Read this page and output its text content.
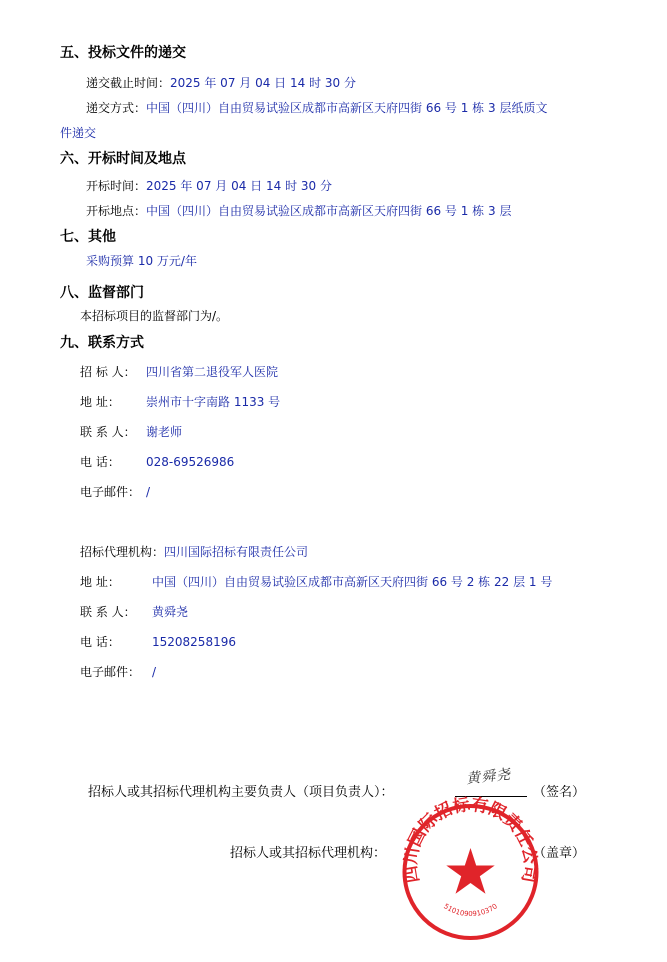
五、投标文件的递交
递交截止时间：2025 年 07 月 04 日 14 时 30 分
递交方式：中国（四川）自由贸易试验区成都市高新区天府四街 66 号 1 栋 3 层纸质文
件递交
六、开标时间及地点
开标时间：2025 年 07 月 04 日 14 时 30 分
开标地点：中国（四川）自由贸易试验区成都市高新区天府四街 66 号 1 栋 3 层
七、其他
采购预算 10 万元/年
八、监督部门
本招标项目的监督部门为/。
九、联系方式
招 标 人： 四川省第二退役军人医院
地 址： 崇州市十字南路 1133 号
联 系 人： 谢老师
电 话： 028-69526986
电子邮件： /
招标代理机构：四川国际招标有限责任公司
地 址：	中国（四川）自由贸易试验区成都市高新区天府四街 66 号 2 栋 22 层 1 号
联 系 人： 黄舜尧
电 话：	15208258196
电子邮件： /
招标人或其招标代理机构主要负责人（项目负责人）：
黄舜尧
（签名）
招标人或其招标代理机构：	（盖章）
四川国际招标有限责任公司
5101090910370
